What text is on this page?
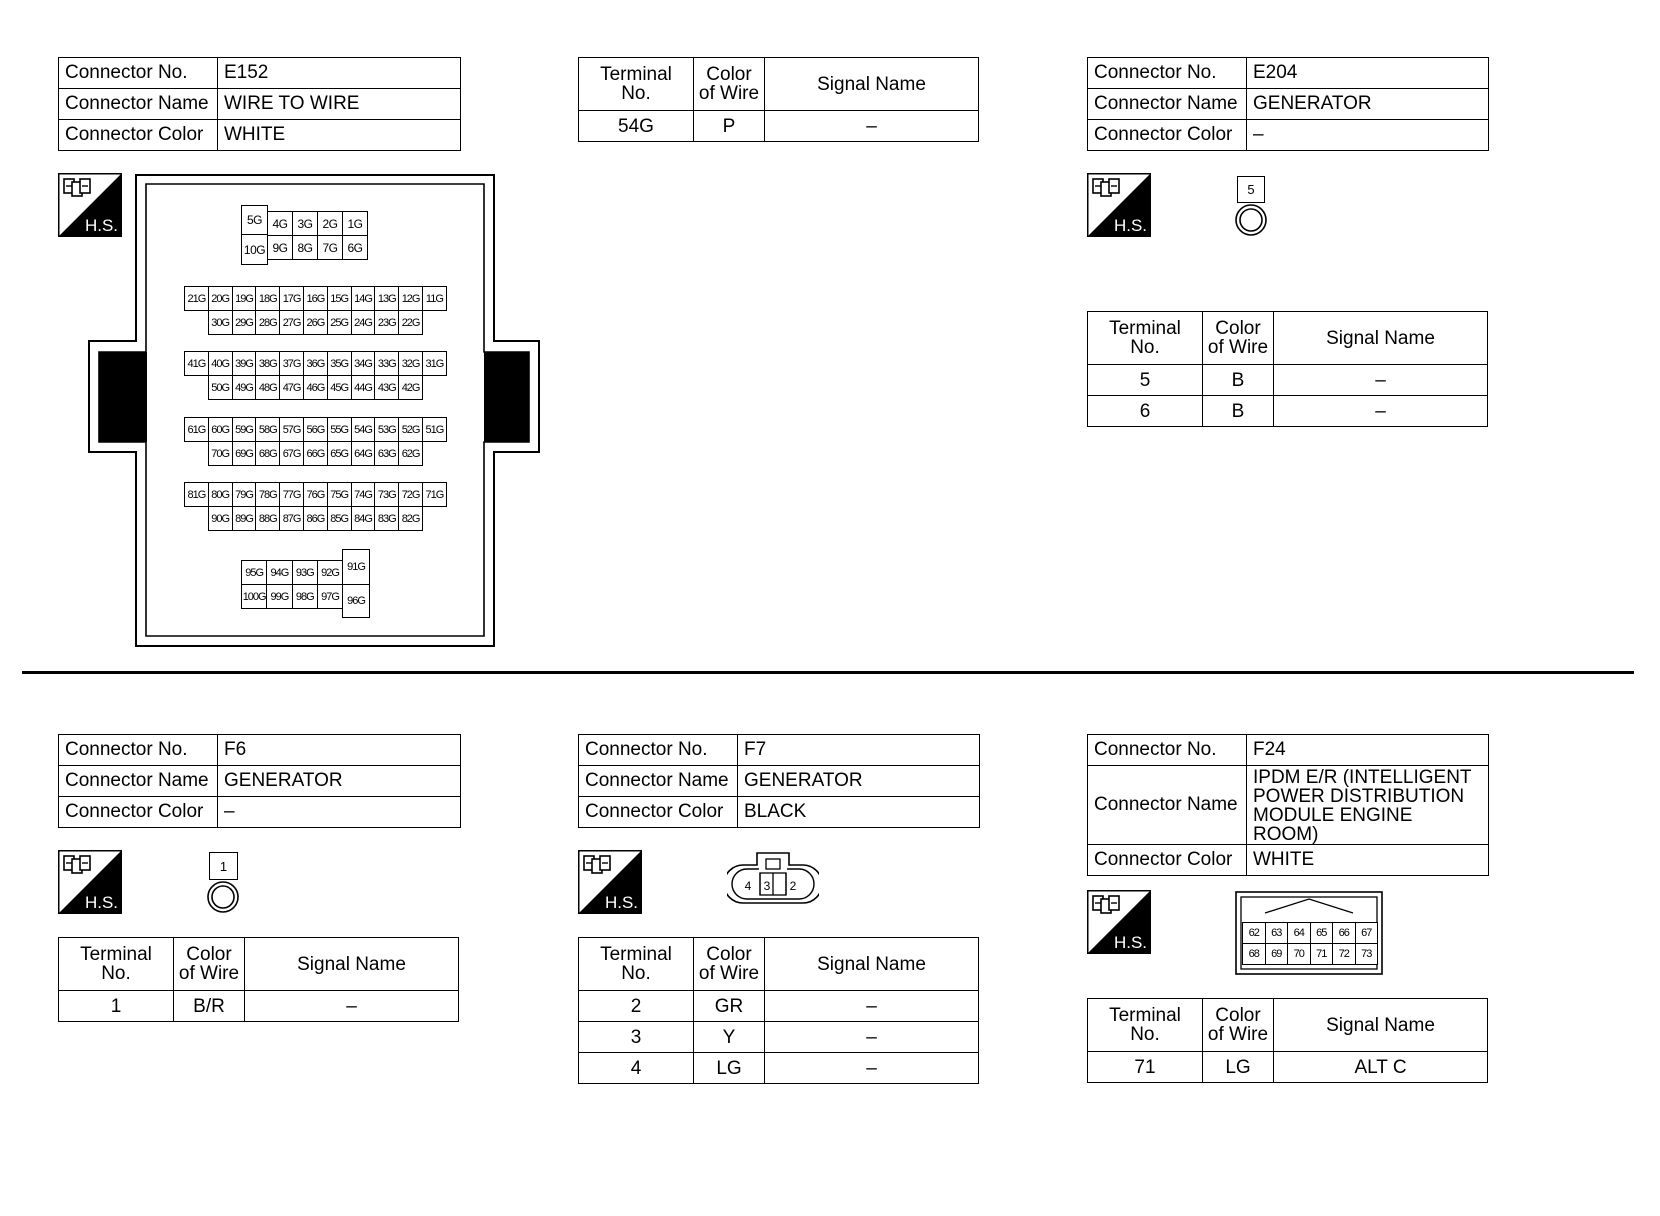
Connector No.	E152
Connector Name	WIRE TO WIRE
Connector Color	WHITE
Terminal No.	Color of Wire	Signal Name
54G	P	–
H.S.	4G 3G 2G 1G
9G 8G 7G 6G
5G
10G
21G 20G 19G 18G 17G 16G 15G 14G 13G 12G 11G
30G 29G 28G 27G 26G 25G 24G 23G 22G
41G 40G 39G 38G 37G 36G 35G 34G 33G 32G 31G
50G 49G 48G 47G 46G 45G 44G 43G 42G
61G 60G 59G 58G 57G 56G 55G 54G 53G 52G 51G
70G 69G 68G 67G 66G 65G 64G 63G 62G
81G 80G 79G 78G 77G 76G 75G 74G 73G 72G 71G
90G 89G 88G 87G 86G 85G 84G 83G 82G
95G 94G 93G 92G
100G 99G 98G 97G
91G
96G
Connector No.	E204
Connector Name	GENERATOR
Connector Color	–
H.S.
5
Terminal No.	Color of Wire	Signal Name
5	B	–
6	B	–
Connector No.	F6
Connector Name	GENERATOR
Connector Color	–
H.S.
1
Terminal No.	Color of Wire	Signal Name
1	B/R	–
Connector No.	F7
Connector Name	GENERATOR
Connector Color	BLACK
H.S.
4 3 2
Terminal No.	Color of Wire	Signal Name
2	GR	–
3	Y	–
4	LG	–
Connector No.	F24
Connector Name	IPDM E/R (INTELLIGENT POWER DISTRIBUTION MODULE ENGINE ROOM)
Connector Color	WHITE
H.S.	62	63	64	65	66	67
68	69	70	71	72	73
Terminal No.	Color of Wire	Signal Name
71	LG	ALT C
